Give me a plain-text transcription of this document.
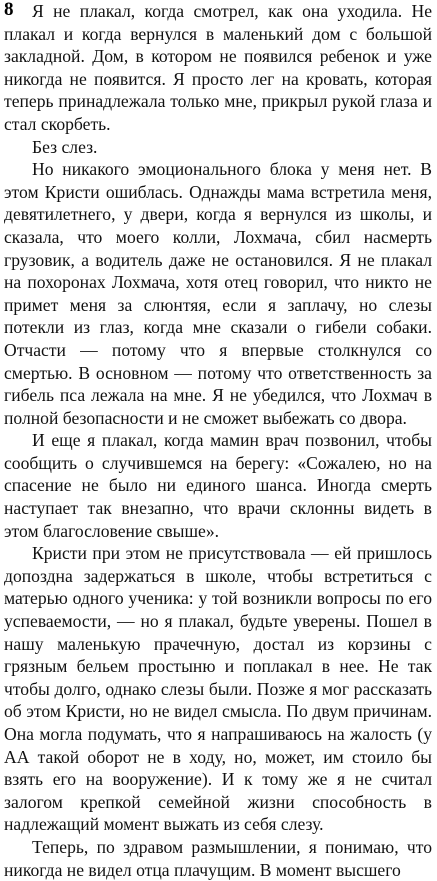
8	Я не плакал, когда смотрел, как она уходила. Не плакал и когда вернулся в маленький дом с большой закладной. Дом, в котором не появился ребенок и уже никогда не появится. Я просто лег на кровать, которая теперь принадлежала только мне, прикрыл рукой глаза и стал скорбеть.

Без слез.

Но никакого эмоционального блока у меня нет. В этом Кристи ошиблась. Однажды мама встретила меня, девятилетнего, у двери, когда я вернулся из школы, и сказала, что моего колли, Лохмача, сбил насмерть грузовик, а водитель даже не остановился. Я не плакал на похоронах Лохмача, хотя отец говорил, что никто не примет меня за слюнтяя, если я заплачу, но слезы потекли из глаз, когда мне сказали о гибели собаки. Отчасти — потому что я впервые столкнулся со смертью. В основном — потому что ответственность за гибель пса лежала на мне. Я не убедился, что Лохмач в полной безопасности и не сможет выбежать со двора.

И еще я плакал, когда мамин врач позвонил, чтобы сообщить о случившемся на берегу: «Сожалею, но на спасение не было ни единого шанса. Иногда смерть наступает так внезапно, что врачи склонны видеть в этом благословение свыше».

Кристи при этом не присутствовала — ей пришлось допоздна задержаться в школе, чтобы встретиться с матерью одного ученика: у той возникли вопросы по его успеваемости, — но я плакал, будьте уверены. Пошел в нашу маленькую прачечную, достал из корзины с грязным бельем простыню и поплакал в нее. Не так чтобы долго, однако слезы были. Позже я мог рассказать об этом Кристи, но не видел смысла. По двум причинам. Она могла подумать, что я напрашиваюсь на жалость (у АА такой оборот не в ходу, но, может, им стоило бы взять его на вооружение). И к тому же я не считал залогом крепкой семейной жизни способность в надлежащий момент выжать из себя слезу.

Теперь, по здравом размышлении, я понимаю, что никогда не видел отца плачущим. В момент высшего
